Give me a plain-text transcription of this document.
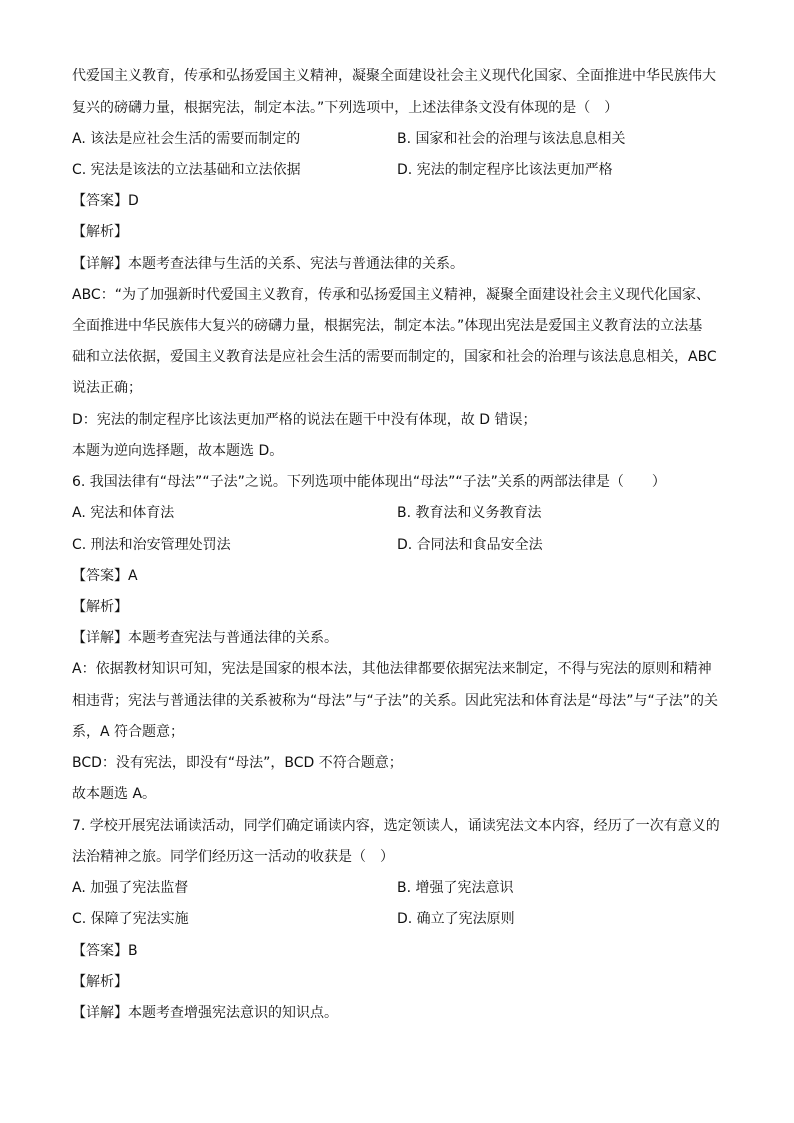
代爱国主义教育，传承和弘扬爱国主义精神，凝聚全面建设社会主义现代化国家、全面推进中华民族伟大
复兴的磅礴力量，根据宪法，制定本法。”下列选项中，上述法律条文没有体现的是（　）
A. 该法是应社会生活的需要而制定的	B. 国家和社会的治理与该法息息相关
C. 宪法是该法的立法基础和立法依据	D. 宪法的制定程序比该法更加严格
【答案】D
【解析】
【详解】本题考查法律与生活的关系、宪法与普通法律的关系。
ABC：“为了加强新时代爱国主义教育，传承和弘扬爱国主义精神，凝聚全面建设社会主义现代化国家、
全面推进中华民族伟大复兴的磅礴力量，根据宪法，制定本法。”体现出宪法是爱国主义教育法的立法基
础和立法依据，爱国主义教育法是应社会生活的需要而制定的，国家和社会的治理与该法息息相关，ABC
说法正确；
D：宪法的制定程序比该法更加严格的说法在题干中没有体现，故 D 错误；
本题为逆向选择题，故本题选 D。
6. 我国法律有“母法”“子法”之说。下列选项中能体现出“母法”“子法”关系的两部法律是（　　）
A. 宪法和体育法	B. 教育法和义务教育法
C. 刑法和治安管理处罚法	D. 合同法和食品安全法
【答案】A
【解析】
【详解】本题考查宪法与普通法律的关系。
A：依据教材知识可知，宪法是国家的根本法，其他法律都要依据宪法来制定，不得与宪法的原则和精神
相违背；宪法与普通法律的关系被称为“母法”与“子法”的关系。因此宪法和体育法是“母法”与“子法”的关
系，A 符合题意；
BCD：没有宪法，即没有“母法”，BCD 不符合题意；
故本题选 A。
7. 学校开展宪法诵读活动，同学们确定诵读内容，选定领读人，诵读宪法文本内容，经历了一次有意义的
法治精神之旅。同学们经历这一活动的收获是（　）
A. 加强了宪法监督	B. 增强了宪法意识
C. 保障了宪法实施	D. 确立了宪法原则
【答案】B
【解析】
【详解】本题考查增强宪法意识的知识点。
